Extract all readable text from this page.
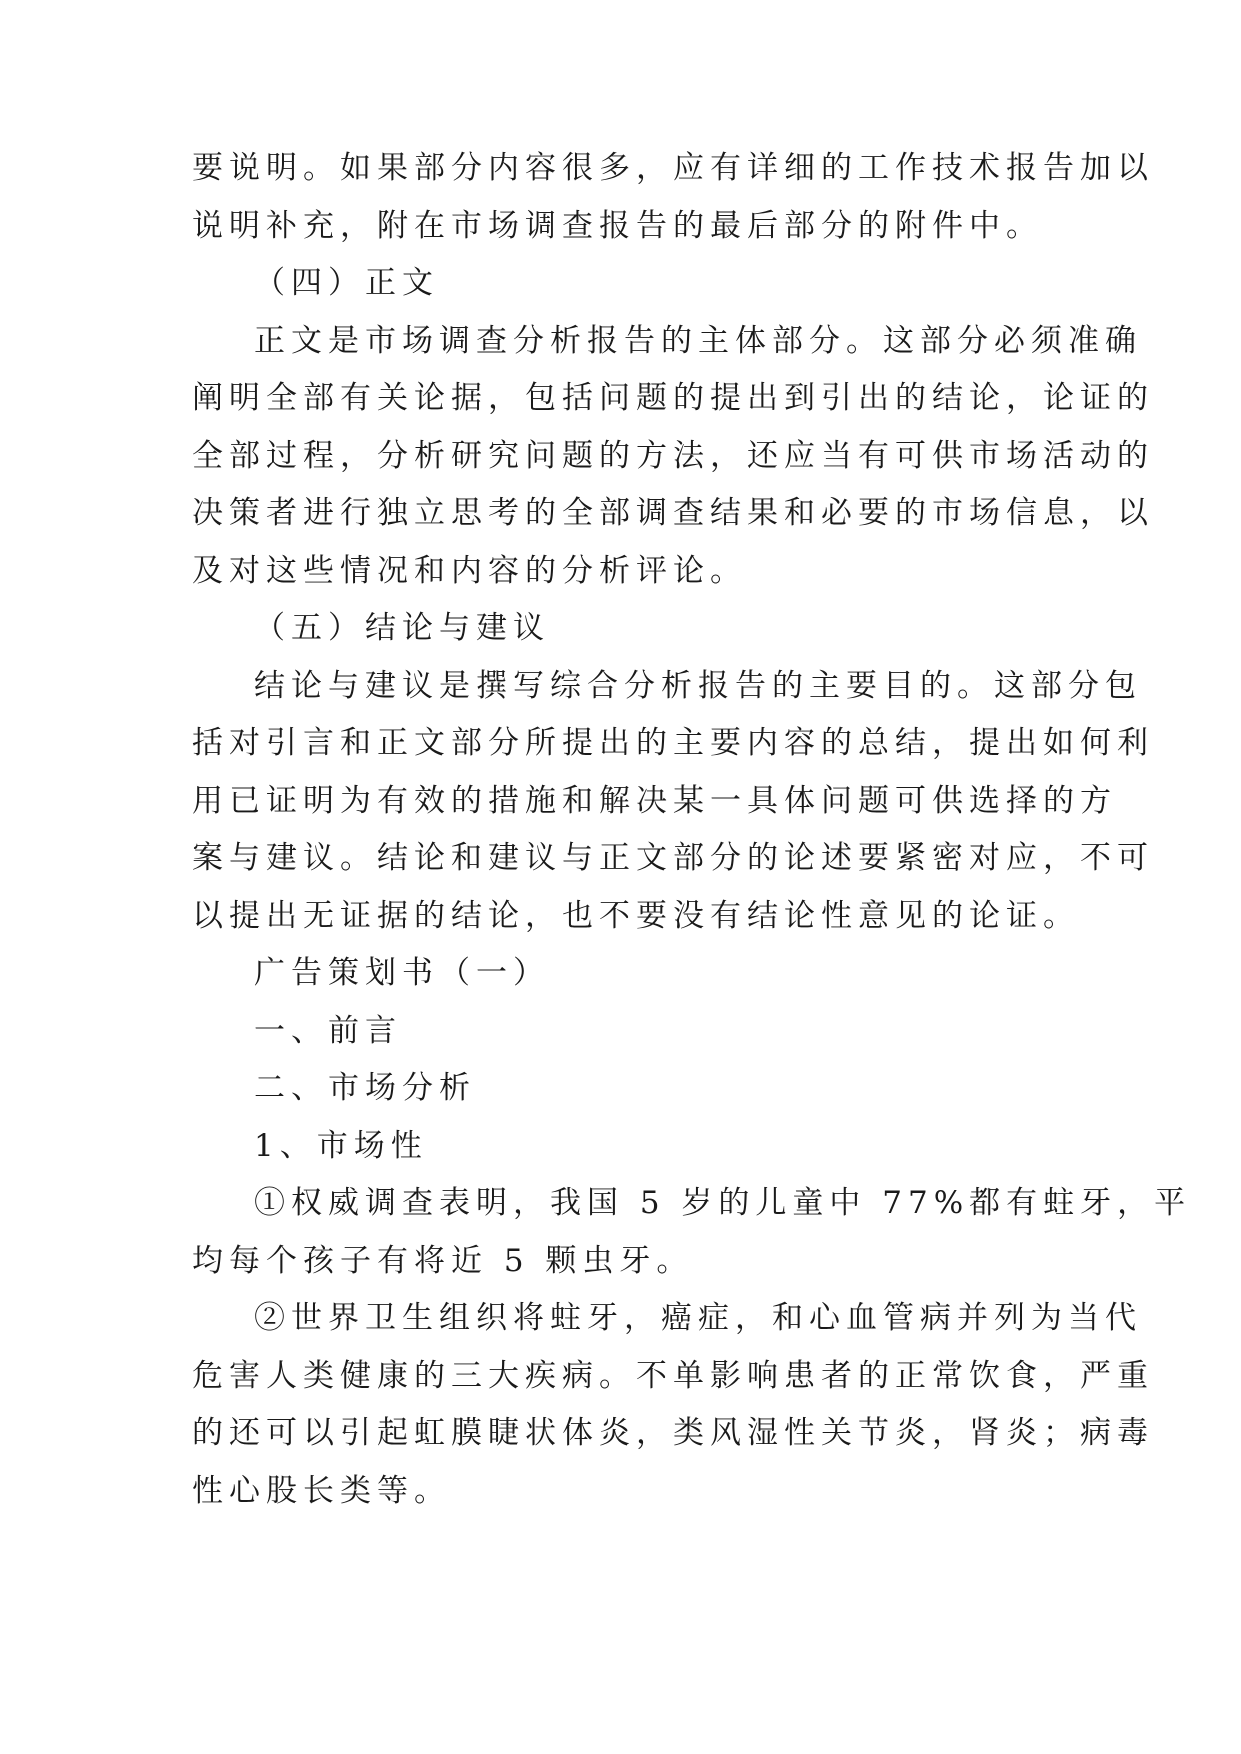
要说明。如果部分内容很多，应有详细的工作技术报告加以
说明补充，附在市场调查报告的最后部分的附件中。
（四）正文
正文是市场调查分析报告的主体部分。这部分必须准确
阐明全部有关论据，包括问题的提出到引出的结论，论证的
全部过程，分析研究问题的方法，还应当有可供市场活动的
决策者进行独立思考的全部调查结果和必要的市场信息，以
及对这些情况和内容的分析评论。
（五）结论与建议
结论与建议是撰写综合分析报告的主要目的。这部分包
括对引言和正文部分所提出的主要内容的总结，提出如何利
用已证明为有效的措施和解决某一具体问题可供选择的方
案与建议。结论和建议与正文部分的论述要紧密对应，不可
以提出无证据的结论，也不要没有结论性意见的论证。
广告策划书（一）
一、前言
二、市场分析
1、市场性
①权威调查表明，我国 5 岁的儿童中 77%都有蛀牙，平
均每个孩子有将近 5 颗虫牙。
②世界卫生组织将蛀牙，癌症，和心血管病并列为当代
危害人类健康的三大疾病。不单影响患者的正常饮食，严重
的还可以引起虹膜睫状体炎，类风湿性关节炎，肾炎；病毒
性心股长类等。
